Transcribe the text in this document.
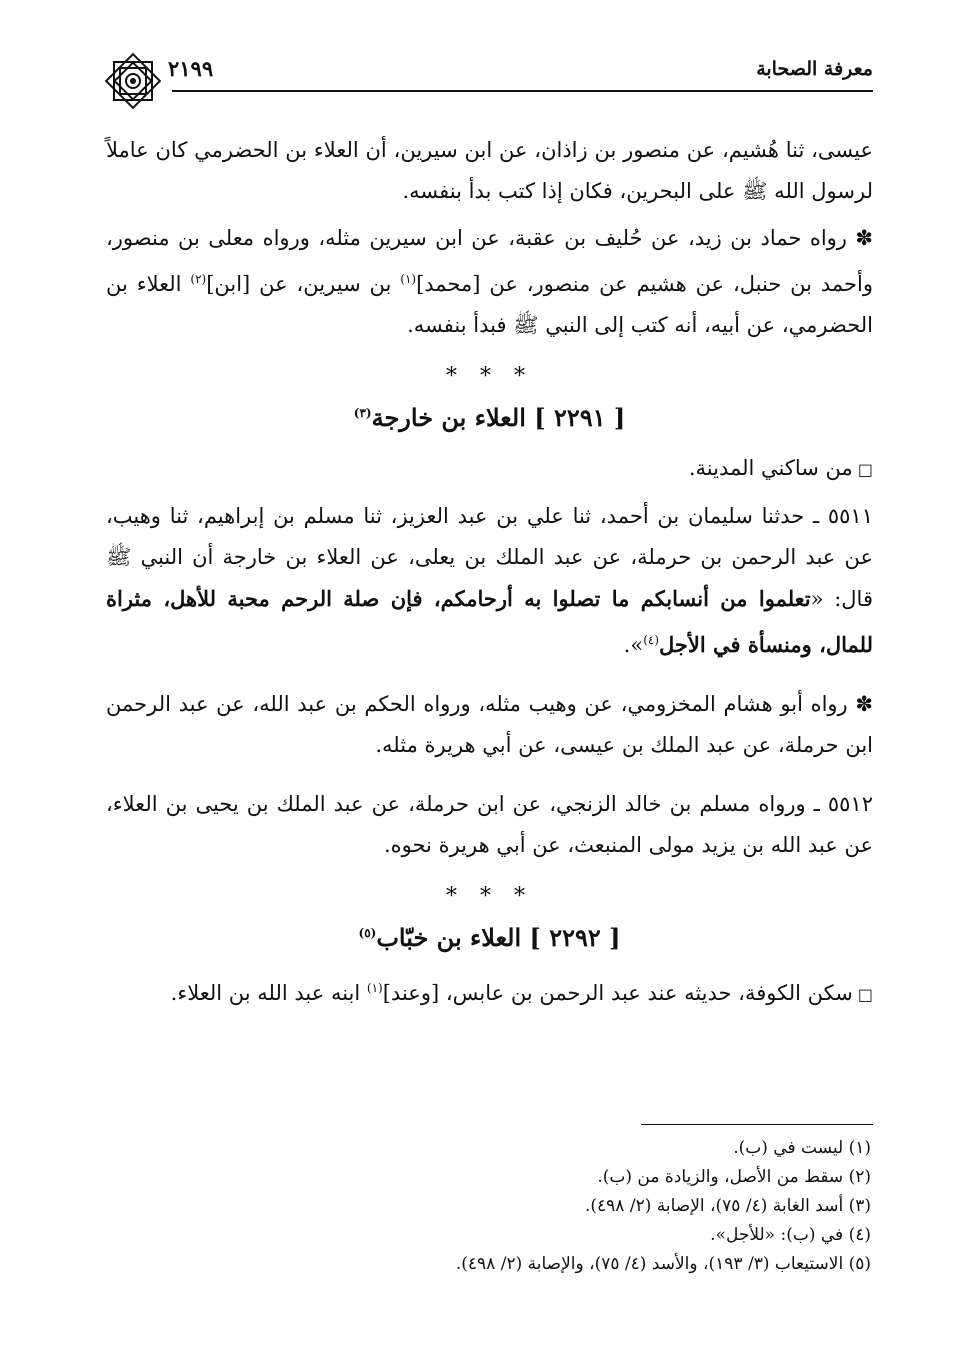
معرفة الصحابة
٢١٩٩

عيسى، ثنا هُشيم، عن منصور بن زاذان، عن ابن سيرين، أن العلاء بن الحضرمي كان عاملاً لرسول الله ﷺ على البحرين، فكان إذا كتب بدأ بنفسه.

✽ رواه حماد بن زيد، عن حُليف بن عقبة، عن ابن سيرين مثله، ورواه معلى بن منصور، وأحمد بن حنبل، عن هشيم عن منصور، عن [محمد]$^{(١)}$ بن سيرين، عن [ابن]$^{(٢)}$ العلاء بن الحضرمي، عن أبيه، أنه كتب إلى النبي ﷺ فبدأ بنفسه.

* * *
[ ٢٢٩١ ] العلاء بن خارجة$^{(٣)}$

□ من ساكني المدينة.

٥٥١١ ـ حدثنا سليمان بن أحمد، ثنا علي بن عبد العزيز، ثنا مسلم بن إبراهيم، ثنا وهيب، عن عبد الرحمن بن حرملة، عن عبد الملك بن يعلى، عن العلاء بن خارجة أن النبي ﷺ قال: «تعلموا من أنسابكم ما تصلوا به أرحامكم، فإن صلة الرحم محبة للأهل، مثراة للمال، ومنسأة في الأجل$^{(٤)}$».

✽ رواه أبو هشام المخزومي، عن وهيب مثله، ورواه الحكم بن عبد الله، عن عبد الرحمن ابن حرملة، عن عبد الملك بن عيسى، عن أبي هريرة مثله.

٥٥١٢ ـ ورواه مسلم بن خالد الزنجي، عن ابن حرملة، عن عبد الملك بن يحيى بن العلاء، عن عبد الله بن يزيد مولى المنبعث، عن أبي هريرة نحوه.

* * *
[ ٢٢٩٢ ] العلاء بن خبّاب$^{(٥)}$

□ سكن الكوفة، حديثه عند عبد الرحمن بن عابس، [وعند]$^{(١)}$ ابنه عبد الله بن العلاء.

(١) ليست في (ب).
(٢) سقط من الأصل، والزيادة من (ب).
(٣) أسد الغابة (٤/ ٧٥)، الإصابة (٢/ ٤٩٨).
(٤) في (ب): «للأجل».
(٥) الاستيعاب (٣/ ١٩٣)، والأسد (٤/ ٧٥)، والإصابة (٢/ ٤٩٨).
